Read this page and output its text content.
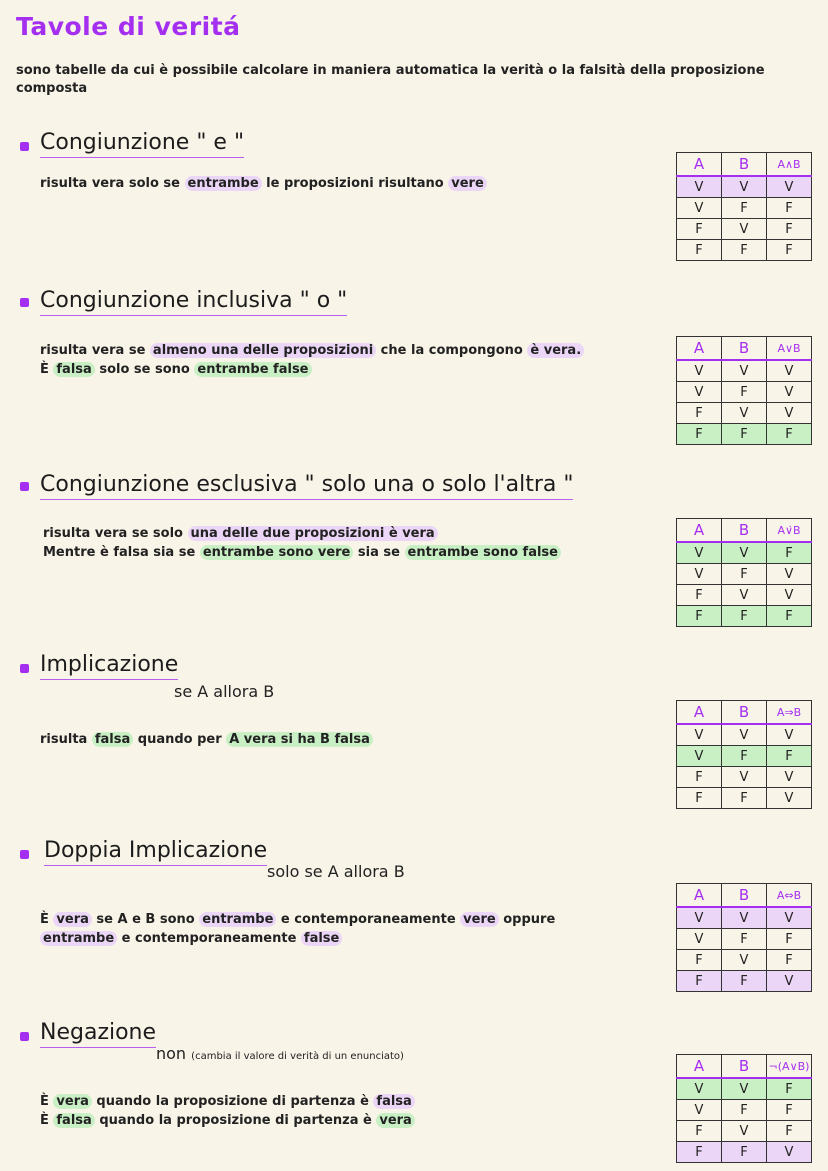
Tavole di veritá
sono tabelle da cui è possibile calcolare in maniera automatica la verità o la falsità della proposizione composta
Congiunzione " e "
risulta vera solo se entrambe le proposizioni risultano vere
A	B	A∧B
V	V	V
V	F	F
F	V	F
F	F	F
Congiunzione inclusiva " o "
risulta vera se almeno una delle proposizioni che la compongono è vera.
È falsa solo se sono entrambe false
A	B	A∨B
V	V	V
V	F	V
F	V	V
F	F	F
Congiunzione esclusiva " solo una o solo l'altra "
risulta vera se solo una delle due proposizioni è vera
Mentre è falsa sia se entrambe sono vere sia se entrambe sono false
A	B	A∨̇B
V	V	F
V	F	V
F	V	V
F	F	F
Implicazione
se A allora B
risulta falsa quando per A vera si ha B falsa
A	B	A⇒B
V	V	V
V	F	F
F	V	V
F	F	V
Doppia Implicazione
solo se A allora B
È vera se A e B sono entrambe e contemporaneamente vere oppure
entrambe e contemporaneamente false
A	B	A⇔B
V	V	V
V	F	F
F	V	F
F	F	V
Negazione
non (cambia il valore di verità di un enunciato)
È vera quando la proposizione di partenza è falsa
È falsa quando la proposizione di partenza è vera
A	B	¬(A∨B)
V	V	F
V	F	F
F	V	F
F	F	V
